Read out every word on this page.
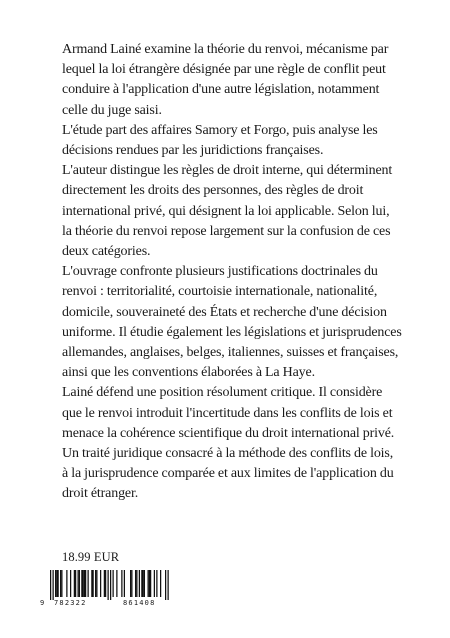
Armand Lainé examine la théorie du renvoi, mécanisme par lequel la loi étrangère désignée par une règle de conflit peut conduire à l'application d'une autre législation, notamment celle du juge saisi.
L'étude part des affaires Samory et Forgo, puis analyse les décisions rendues par les juridictions françaises.
L'auteur distingue les règles de droit interne, qui déterminent directement les droits des personnes, des règles de droit international privé, qui désignent la loi applicable. Selon lui, la théorie du renvoi repose largement sur la confusion de ces deux catégories.
L'ouvrage confronte plusieurs justifications doctrinales du renvoi : territorialité, courtoisie internationale, nationalité, domicile, souveraineté des États et recherche d'une décision uniforme. Il étudie également les législations et jurisprudences allemandes, anglaises, belges, italiennes, suisses et françaises, ainsi que les conventions élaborées à La Haye.
Lainé défend une position résolument critique. Il considère que le renvoi introduit l'incertitude dans les conflits de lois et menace la cohérence scientifique du droit international privé. Un traité juridique consacré à la méthode des conflits de lois, à la jurisprudence comparée et aux limites de l'application du droit étranger.
18.99 EUR
9 782322	861408
